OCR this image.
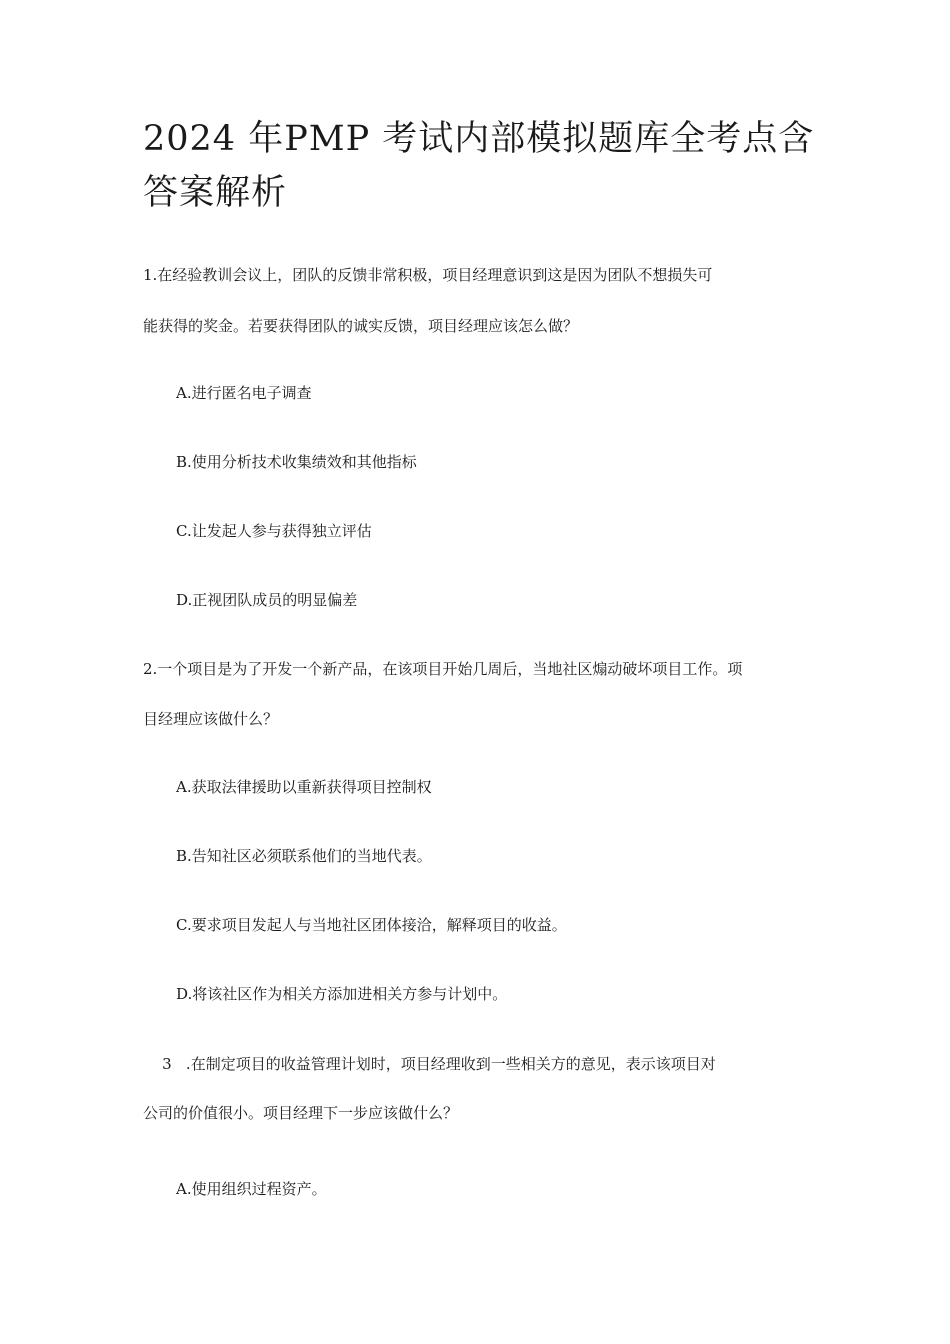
2024 年PMP 考试内部模拟题库全考点含答案解析

1.在经验教训会议上，团队的反馈非常积极，项目经理意识到这是因为团队不想损失可

能获得的奖金。若要获得团队的诚实反馈，项目经理应该怎么做？

A.进行匿名电子调查

B.使用分析技术收集绩效和其他指标

C.让发起人参与获得独立评估

D.正视团队成员的明显偏差

2.一个项目是为了开发一个新产品，在该项目开始几周后，当地社区煽动破坏项目工作。项

目经理应该做什么？

A.获取法律援助以重新获得项目控制权

B.告知社区必须联系他们的当地代表。

C.要求项目发起人与当地社区团体接洽，解释项目的收益。

D.将该社区作为相关方添加进相关方参与计划中。

3   .在制定项目的收益管理计划时，项目经理收到一些相关方的意见，表示该项目对

公司的价值很小。项目经理下一步应该做什么？

A.使用组织过程资产。
